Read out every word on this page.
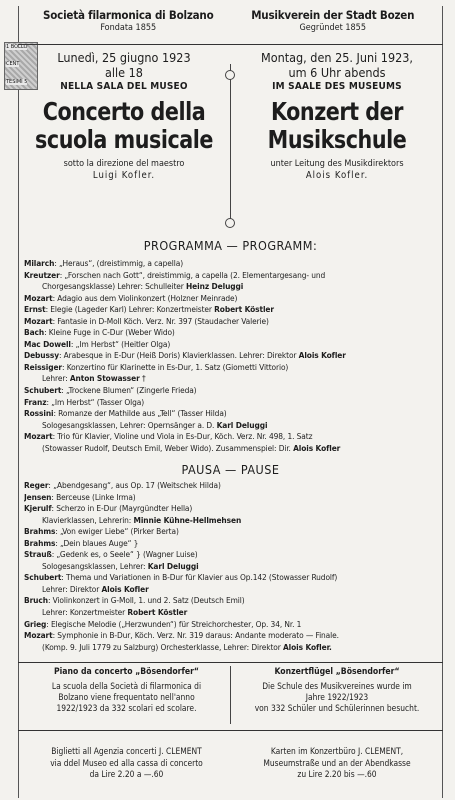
1 BOLLO
CENT
TESIMI 5
Società filarmonica di Bolzano
Fondata 1855
Musikverein der Stadt Bozen
Gegründet 1855
Lunedì, 25 giugno 1923
alle 18
NELLA SALA DEL MUSEO
Concerto della
scuola musicale
sotto la direzione del maestro
Luigi Kofler.
Montag, den 25. Juni 1923,
um 6 Uhr abends
IM SAALE DES MUSEUMS
Konzert der
Musikschule
unter Leitung des Musikdirektors
Alois Kofler.
PROGRAMMA — PROGRAMM:
Milarch: „Heraus“, (dreistimmig, a capella)
Kreutzer: „Forschen nach Gott“, dreistimmig, a capella (2. Elementargesang- und
Chorgesangsklasse) Lehrer: Schulleiter Heinz Deluggi
Mozart: Adagio aus dem Violinkonzert (Holzner Meinrade)
Ernst: Elegie (Lageder Karl) Lehrer: Konzertmeister Robert Köstler
Mozart: Fantasie in D-Moll Köch. Verz. Nr. 397 (Staudacher Valerie)
Bach: Kleine Fuge in C-Dur (Weber Wido)
Mac Dowell: „Im Herbst“ (Heitler Olga)
Debussy: Arabesque in E-Dur (Heiß Doris) Klavierklassen. Lehrer: Direktor Alois Kofler
Reissiger: Konzertino für Klarinette in Es-Dur, 1. Satz (Giometti Vittorio)
Lehrer: Anton Stowasser †
Schubert: „Trockene Blumen“ (Zingerle Frieda)
Franz: „Im Herbst“ (Tasser Olga)
Rossini: Romanze der Mathilde aus „Tell“ (Tasser Hilda)
Sologesangsklassen, Lehrer: Opernsänger a. D. Karl Deluggi
Mozart: Trio für Klavier, Violine und Viola in Es-Dur, Köch. Verz. Nr. 498, 1. Satz
(Stowasser Rudolf, Deutsch Emil, Weber Wido). Zusammenspiel: Dir. Alois Kofler
PAUSA — PAUSE
Reger: „Abendgesang“, aus Op. 17 (Weitschek Hilda)
Jensen: Berceuse (Linke Irma)
Kjerulf: Scherzo in E-Dur (Mayrgündter Hella)
Klavierklassen, Lehrerin: Minnie Kühne-Hellmehsen
Brahms: „Von ewiger Liebe“ (Pirker Berta)
Brahms: „Dein blaues Auge“ }
Strauß: „Gedenk es, o Seele“ } (Wagner Luise)
Sologesangsklassen, Lehrer: Karl Deluggi
Schubert: Thema und Variationen in B-Dur für Klavier aus Op.142 (Stowasser Rudolf)
Lehrer: Direktor Alois Kofler
Bruch: Violinkonzert in G-Moll, 1. und 2. Satz (Deutsch Emil)
Lehrer: Konzertmeister Robert Köstler
Grieg: Elegische Melodie („Herzwunden“) für Streichorchester, Op. 34, Nr. 1
Mozart: Symphonie in B-Dur, Köch. Verz. Nr. 319 daraus: Andante moderato — Finale.
(Komp. 9. Juli 1779 zu Salzburg) Orchesterklasse, Lehrer: Direktor Alois Kofler.
Piano da concerto „Bösendorfer“
La scuola della Società di filarmonica di
Bolzano viene frequentato nell'anno
1922/1923 da 332 scolari ed scolare.
Konzertflügel „Bösendorfer“
Die Schule des Musikvereines wurde im
Jahre 1922/1923
von 332 Schüler und Schülerinnen besucht.
Biglietti all Agenzia concerti J. CLEMENT
via ddel Museo ed alla cassa di concerto
da Lire 2.20 a —.60
Karten im Konzertbüro J. CLEMENT,
Museumstraße und an der Abendkasse
zu Lire 2.20 bis —.60
